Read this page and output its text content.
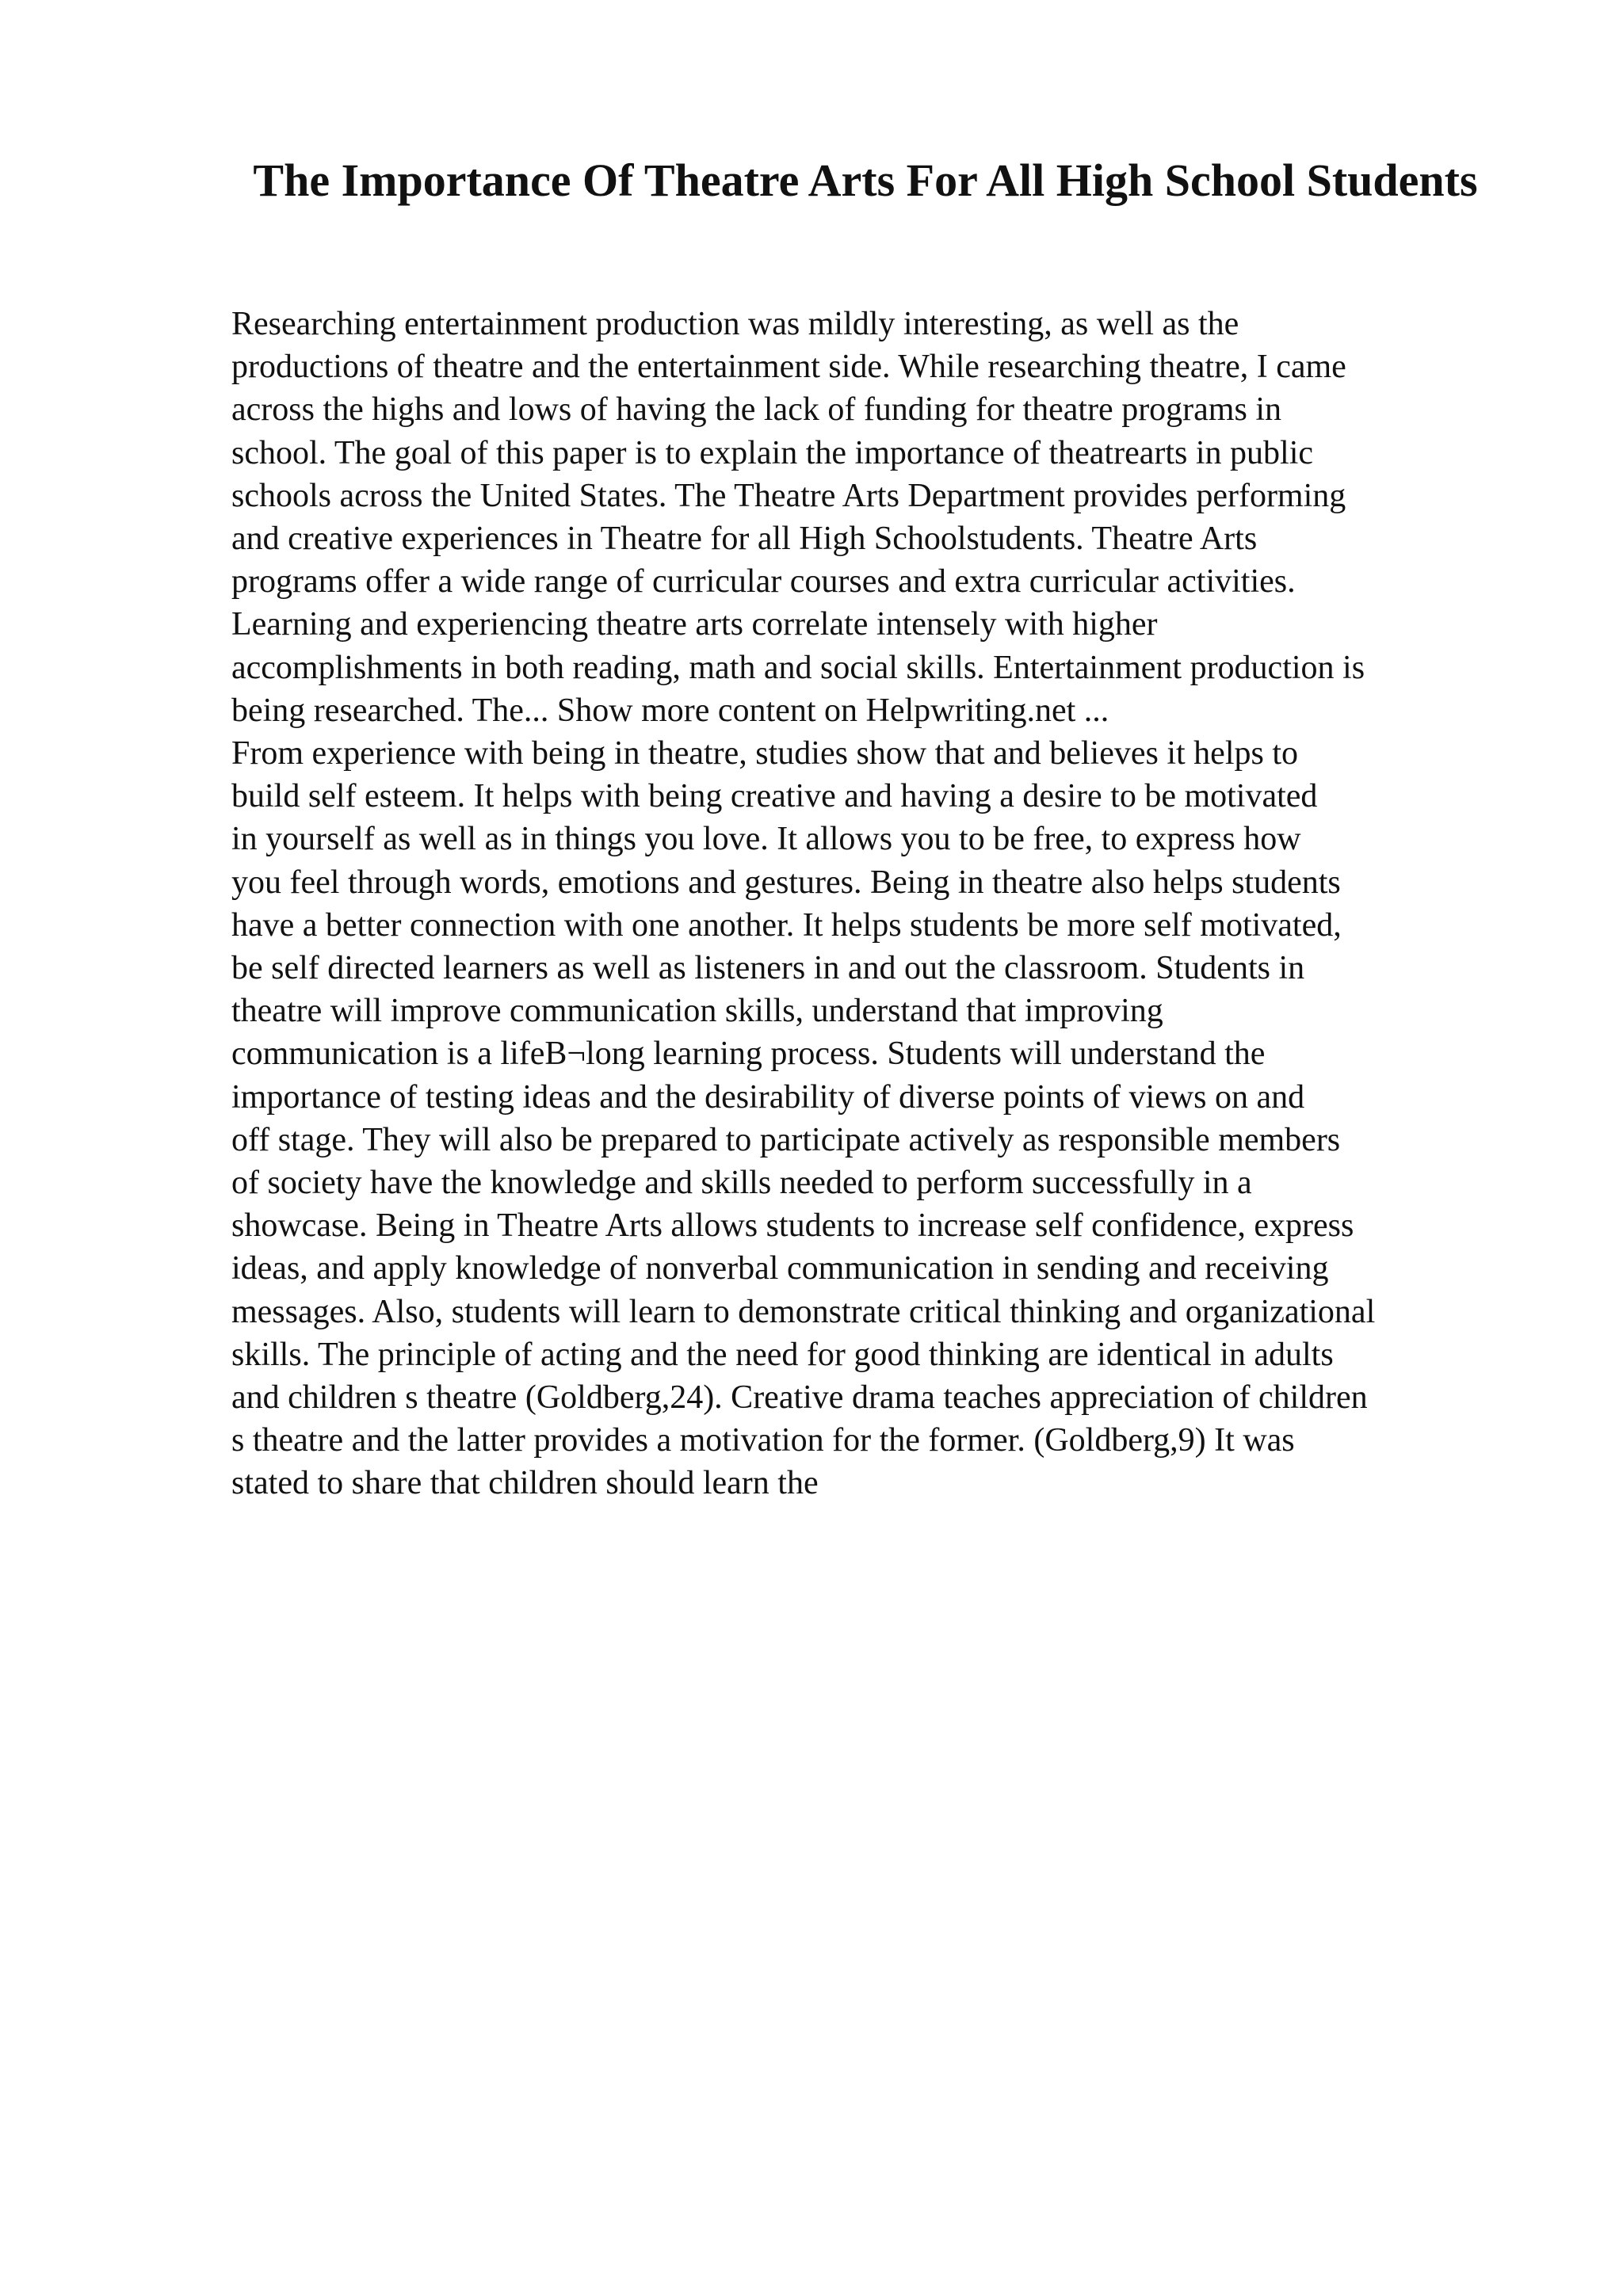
The Importance Of Theatre Arts For All High School Students
Researching entertainment production was mildly interesting, as well as the
productions of theatre and the entertainment side. While researching theatre, I came
across the highs and lows of having the lack of funding for theatre programs in
school. The goal of this paper is to explain the importance of theatrearts in public
schools across the United States. The Theatre Arts Department provides performing
and creative experiences in Theatre for all High Schoolstudents. Theatre Arts
programs offer a wide range of curricular courses and extra curricular activities.
Learning and experiencing theatre arts correlate intensely with higher
accomplishments in both reading, math and social skills. Entertainment production is
being researched. The... Show more content on Helpwriting.net ...
From experience with being in theatre, studies show that and believes it helps to
build self esteem. It helps with being creative and having a desire to be motivated
in yourself as well as in things you love. It allows you to be free, to express how
you feel through words, emotions and gestures. Being in theatre also helps students
have a better connection with one another. It helps students be more self motivated,
be self directed learners as well as listeners in and out the classroom. Students in
theatre will improve communication skills, understand that improving
communication is a lifeB¬long learning process. Students will understand the
importance of testing ideas and the desirability of diverse points of views on and
off stage. They will also be prepared to participate actively as responsible members
of society have the knowledge and skills needed to perform successfully in a
showcase. Being in Theatre Arts allows students to increase self confidence, express
ideas, and apply knowledge of nonverbal communication in sending and receiving
messages. Also, students will learn to demonstrate critical thinking and organizational
skills. The principle of acting and the need for good thinking are identical in adults
and children s theatre (Goldberg,24). Creative drama teaches appreciation of children
s theatre and the latter provides a motivation for the former. (Goldberg,9) It was
stated to share that children should learn the
